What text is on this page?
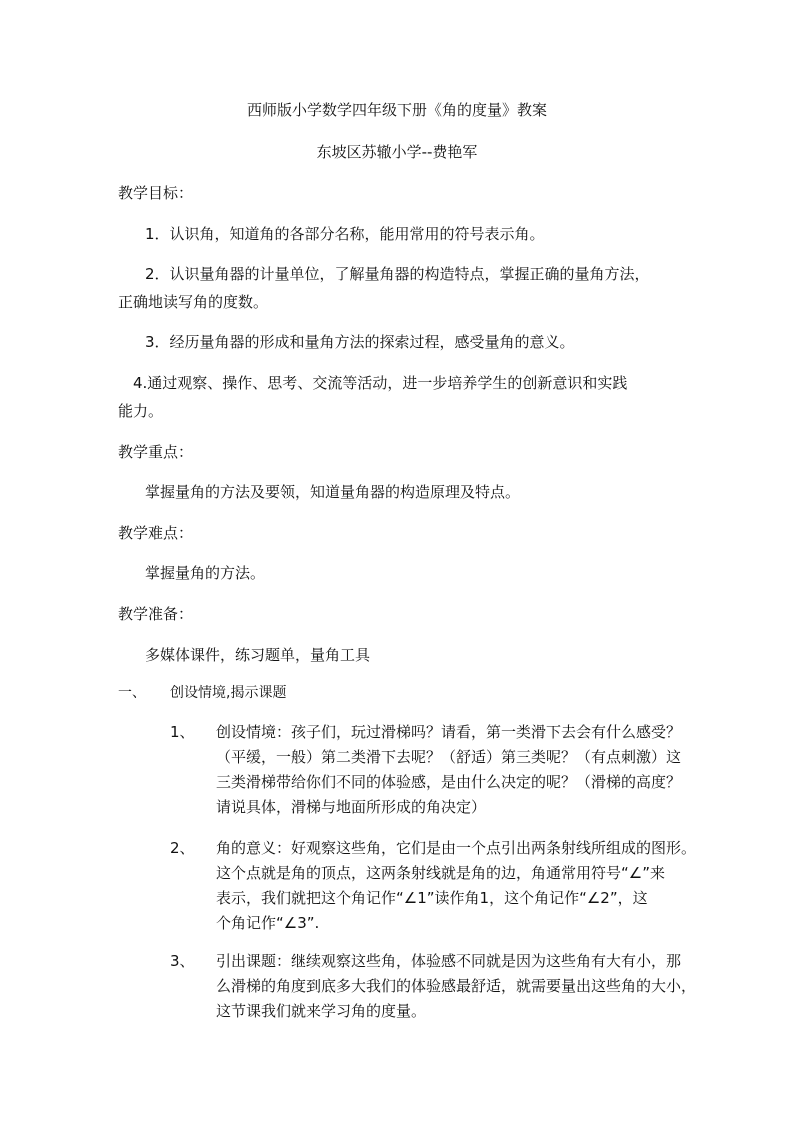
西师版小学数学四年级下册《角的度量》教案
东坡区苏辙小学--费艳军
教学目标：
1．认识角，知道角的各部分名称，能用常用的符号表示角。
2．认识量角器的计量单位，了解量角器的构造特点，掌握正确的量角方法，
正确地读写角的度数。
3．经历量角器的形成和量角方法的探索过程，感受量角的意义。
4.通过观察、操作、思考、交流等活动，进一步培养学生的创新意识和实践
能力。
教学重点：
掌握量角的方法及要领，知道量角器的构造原理及特点。
教学难点：
掌握量角的方法。
教学准备：
多媒体课件，练习题单，量角工具
一、 创设情境,揭示课题
1、 创设情境：孩子们，玩过滑梯吗？请看，第一类滑下去会有什么感受？
（平缓，一般）第二类滑下去呢？（舒适）第三类呢？（有点刺激）这
三类滑梯带给你们不同的体验感，是由什么决定的呢？（滑梯的高度？
请说具体，滑梯与地面所形成的角决定）
2、 角的意义：好观察这些角，它们是由一个点引出两条射线所组成的图形。
这个点就是角的顶点，这两条射线就是角的边，角通常用符号“∠”来
表示，我们就把这个角记作“∠1”读作角1，这个角记作“∠2”，这
个角记作“∠3”.
3、 引出课题：继续观察这些角，体验感不同就是因为这些角有大有小，那
么滑梯的角度到底多大我们的体验感最舒适，就需要量出这些角的大小，
这节课我们就来学习角的度量。
